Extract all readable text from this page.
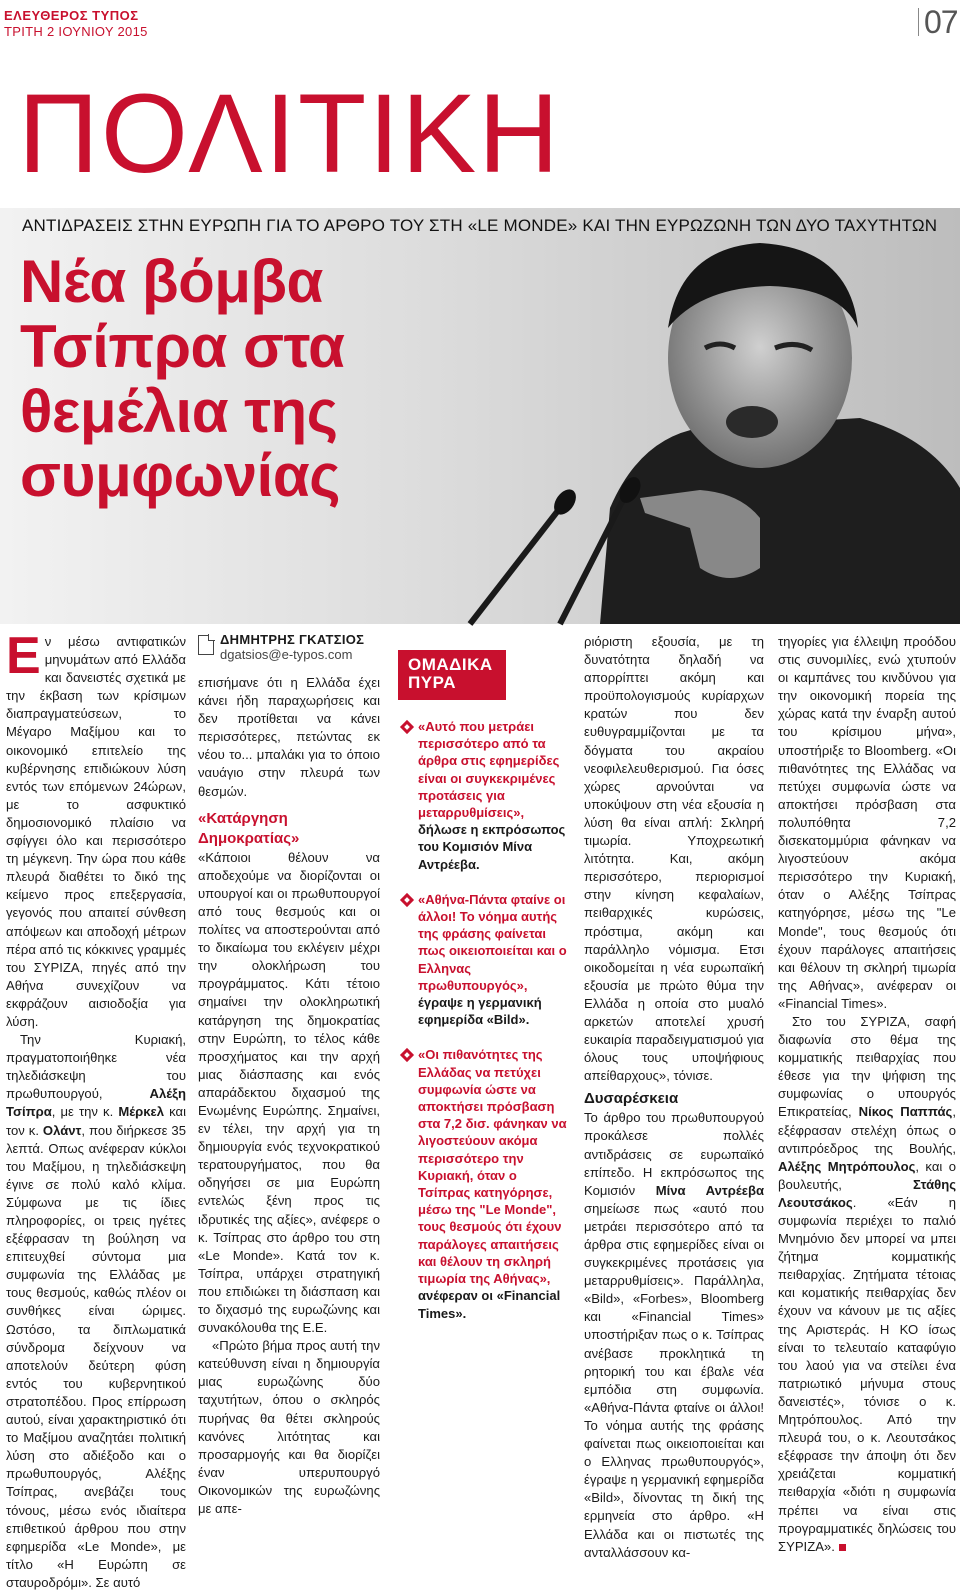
ΕΛΕΥΘΕΡΟΣ ΤΥΠΟΣ
ΤΡΙΤΗ 2 ΙΟΥΝΙΟΥ 2015	07
ΠΟΛΙΤΙΚΗ
ΑΝΤΙΔΡΑΣΕΙΣ ΣΤΗΝ ΕΥΡΩΠΗ ΓΙΑ ΤΟ ΑΡΘΡΟ ΤΟΥ ΣΤΗ «LE MONDE» ΚΑΙ ΤΗΝ ΕΥΡΩΖΩΝΗ ΤΩΝ ΔΥΟ ΤΑΧΥΤΗΤΩΝ
Νέα βόμβα
Τσίπρα στα
θεμέλια της
συμφωνίας

Εν μέσω αντιφατικών μηνυμάτων από Ελλάδα και δανειστές σχετικά με την έκβαση των κρίσιμων διαπραγματεύσεων, το Μέγαρο Μαξίμου και το οικονομικό επιτελείο της κυβέρνησης επιδιώκουν λύση εντός των επόμενων 24ώρων, με το ασφυκτικό δημοσιονομικό πλαίσιο να σφίγγει όλο και περισσότερο τη μέγκενη. Την ώρα που κάθε πλευρά διαθέτει το δικό της κείμενο προς επεξεργασία, γεγονός που απαιτεί σύνθεση απόψεων και αποδοχή μέτρων πέρα από τις κόκκινες γραμμές του ΣΥΡΙΖΑ, πηγές από την Αθήνα συνεχίζουν να εκφράζουν αισιοδοξία για λύση.

Την Κυριακή, πραγματοποιήθηκε νέα τηλεδιάσκεψη του πρωθυπουργού, Αλέξη Τσίπρα, με την κ. Μέρκελ και τον κ. Ολάντ, που διήρκεσε 35 λεπτά. Οπως ανέφεραν κύκλοι του Μαξίμου, η τηλεδιάσκεψη έγινε σε πολύ καλό κλίμα. Σύμφωνα με τις ίδιες πληροφορίες, οι τρεις ηγέτες εξέφρασαν τη βούληση να επιτευχθεί σύντομα μια συμφωνία της Ελλάδας με τους θεσμούς, καθώς πλέον οι συνθήκες είναι ώριμες. Ωστόσο, τα διπλωματικά σύνδρομα δείχνουν να αποτελούν δεύτερη φύση εντός του κυβερνητικού στρατοπέδου. Προς επίρρωση αυτού, είναι χαρακτηριστικό ότι το Μαξίμου αναζητάει πολιτική λύση στο αδιέξοδο και ο πρωθυπουργός, Αλέξης Τσίπρας, ανεβάζει τους τόνους, μέσω ενός ιδιαίτερα επιθετικού άρθρου που στην εφημερίδα «Le Monde», με τίτλο «Η Ευρώπη σε σταυροδρόμι». Σε αυτό

ΔΗΜΗΤΡΗΣ ΓΚΑΤΣΙΟΣ
dgatsios@e-typos.com

επισήμανε ότι η Ελλάδα έχει κάνει ήδη παραχωρήσεις και δεν προτίθεται να κάνει περισσότερες, πετώντας εκ νέου το... μπαλάκι για το όποιο ναυάγιο στην πλευρά των θεσμών.

«Κατάργηση Δημοκρατίας»

«Κάποιοι θέλουν να αποδεχούμε να διορίζονται οι υπουργοί και οι πρωθυπουργοί από τους θεσμούς και οι πολίτες να αποστερούνται από το δικαίωμα του εκλέγειν μέχρι την ολοκλήρωση του προγράμματος. Κάτι τέτοιο σημαίνει την ολοκληρωτική κατάργηση της δημοκρατίας στην Ευρώπη, το τέλος κάθε προσχήματος και την αρχή μιας διάσπασης και ενός απαράδεκτου διχασμού της Ενωμένης Ευρώπης. Σημαίνει, εν τέλει, την αρχή για τη δημιουργία ενός τεχνοκρατικού τερατουργήματος, που θα οδηγήσει σε μια Ευρώπη εντελώς ξένη προς τις ιδρυτικές της αξίες», ανέφερε ο κ. Τσίπρας στο άρθρο του στη «Le Monde». Κατά τον κ. Τσίπρα, υπάρχει στρατηγική που επιδιώκει τη διάσπαση και το διχασμό της ευρωζώνης και συνακόλουθα της Ε.Ε.

«Πρώτο βήμα προς αυτή την κατεύθυνση είναι η δημιουργία μιας ευρωζώνης δύο ταχυτήτων, όπου ο σκληρός πυρήνας θα θέτει σκληρούς κανόνες λιτότητας και προσαρμογής και θα διορίζει έναν υπερυπουργό Οικονομικών της ευρωζώνης με απε-

ΟΜΑΔΙΚΑ ΠΥΡΑ
«Αυτό που μετράει περισσότερο από τα άρθρα στις εφημερίδες είναι οι συγκεκριμένες προτάσεις για μεταρρυθμίσεις», δήλωσε η εκπρόσωπος του Κομισιόν Μίνα Αντρέεβα.
«Αθήνα-Πάντα φταίνε οι άλλοι! Το νόημα αυτής της φράσης φαίνεται πως οικειοποιείται και ο Ελληνας πρωθυπουργός», έγραψε η γερμανική εφημερίδα «Bild».
«Οι πιθανότητες της Ελλάδας να πετύχει συμφωνία ώστε να αποκτήσει πρόσβαση στα 7,2 δισ. φάνηκαν να λιγοστεύουν ακόμα περισσότερο την Κυριακή, όταν ο Τσίπρας κατηγόρησε, μέσω της "Le Monde", τους θεσμούς ότι έχουν παράλογες απαιτήσεις και θέλουν τη σκληρή τιμωρία της Αθήνας», ανέφεραν οι «Financial Times».

ριόριστη εξουσία, με τη δυνατότητα δηλαδή να απορρίπτει ακόμη και προϋπολογισμούς κυρίαρχων κρατών που δεν ευθυγραμμίζονται με τα δόγματα του ακραίου νεοφιλελευθερισμού. Για όσες χώρες αρνούνται να υποκύψουν στη νέα εξουσία η λύση θα είναι απλή: Σκληρή τιμωρία. Υποχρεωτική λιτότητα. Και, ακόμη περισσότερο, περιορισμοί στην κίνηση κεφαλαίων, πειθαρχικές κυρώσεις, πρόστιμα, ακόμη και παράλληλο νόμισμα. Ετσι οικοδομείται η νέα ευρωπαϊκή εξουσία με πρώτο θύμα την Ελλάδα η οποία στο μυαλό αρκετών αποτελεί χρυσή ευκαιρία παραδειγματισμού για όλους τους υποψήφιους απείθαρχους», τόνισε.

Δυσαρέσκεια

Το άρθρο του πρωθυπουργού προκάλεσε πολλές αντιδράσεις σε ευρωπαϊκό επίπεδο. Η εκπρόσωπος της Κομισιόν Μίνα Αντρέεβα σημείωσε πως «αυτό που μετράει περισσότερο από τα άρθρα στις εφημερίδες είναι οι συγκεκριμένες προτάσεις για μεταρρυθμίσεις». Παράλληλα, «Bild», «Forbes», Bloomberg και «Financial Times» υποστήριξαν πως ο κ. Τσίπρας ανέβασε προκλητικά τη ρητορική του και έβαλε νέα εμπόδια στη συμφωνία. «Αθήνα-Πάντα φταίνε οι άλλοι! Το νόημα αυτής της φράσης φαίνεται πως οικειοποιείται και ο Ελληνας πρωθυπουργός», έγραψε η γερμανική εφημερίδα «Bild», δίνοντας τη δική της ερμηνεία στο άρθρο. «Η Ελλάδα και οι πιστωτές της ανταλλάσσουν κα-

τηγορίες για έλλειψη προόδου στις συνομιλίες, ενώ χτυπούν οι καμπάνες του κινδύνου για την οικονομική πορεία της χώρας κατά την έναρξη αυτού του κρίσιμου μήνα», υποστήριξε το Bloomberg. «Οι πιθανότητες της Ελλάδας να πετύχει συμφωνία ώστε να αποκτήσει πρόσβαση στα πολυπόθητα 7,2 δισεκατομμύρια φάνηκαν να λιγοστεύουν ακόμα περισσότερο την Κυριακή, όταν ο Αλέξης Τσίπρας κατηγόρησε, μέσω της "Le Monde", τους θεσμούς ότι έχουν παράλογες απαιτήσεις και θέλουν τη σκληρή τιμωρία της Αθήνας», ανέφεραν οι «Financial Times».

Στο του ΣΥΡΙΖΑ, σαφή διαφωνία στο θέμα της κομματικής πειθαρχίας που έθεσε για την ψήφιση της συμφωνίας ο υπουργός Επικρατείας, Νίκος Παππάς, εξέφρασαν στελέχη όπως ο αντιπρόεδρος της Βουλής, Αλέξης Μητρόπουλος, και ο βουλευτής, Στάθης Λεουτσάκος. «Εάν η συμφωνία περιέχει το παλιό Μνημόνιο δεν μπορεί να μπει ζήτημα κομματικής πειθαρχίας. Ζητήματα τέτοιας και κοματικής πειθαρχίας δεν έχουν να κάνουν με τις αξίες της Αριστεράς. Η ΚΟ ίσως είναι το τελευταίο καταφύγιο του λαού για να στείλει ένα πατριωτικό μήνυμα στους δανειστές», τόνισε ο κ. Μητρόπουλος. Από την πλευρά του, ο κ. Λεουτσάκος εξέφρασε την άποψη ότι δεν χρειάζεται κομματική πειθαρχία «διότι η συμφωνία πρέπει να είναι στις προγραμματικές δηλώσεις του ΣΥΡΙΖΑ».
